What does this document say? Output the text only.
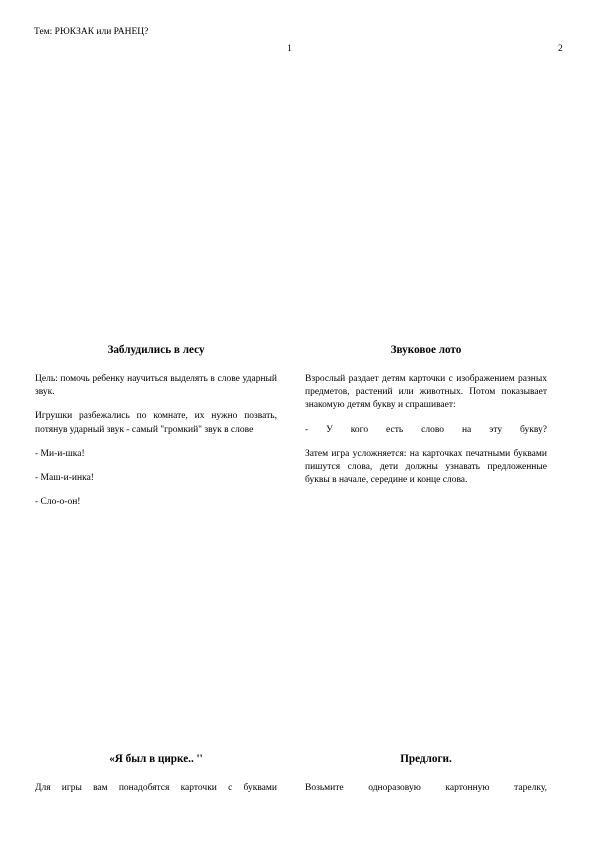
Тем: РЮКЗАК или РАНЕЦ?
1	2
Заблудились в лесу

Цель: помочь ребенку научиться выделять в слове ударный звук.

Игрушки разбежались по комнате, их нужно позвать, потянув ударный звук - самый "громкий" звук в слове

- Ми-и-шка!

- Маш-и-инка!

- Сло-о-он!

Звуковое лото

Взрослый раздает детям карточки с изображением разных предметов, растений или животных. Потом показывает знакомую детям букву и спрашивает:

- У кого есть слово на эту букву?

Затем игра усложняется: на карточках печатными буквами пишутся слова, дети должны узнавать предложенные буквы в начале, середине и конце слова.

«Я был в цирке.. ''

Для игры вам понадобятся карточки с буквами

Предлоги.

Возьмите одноразовую картонную тарелку,
